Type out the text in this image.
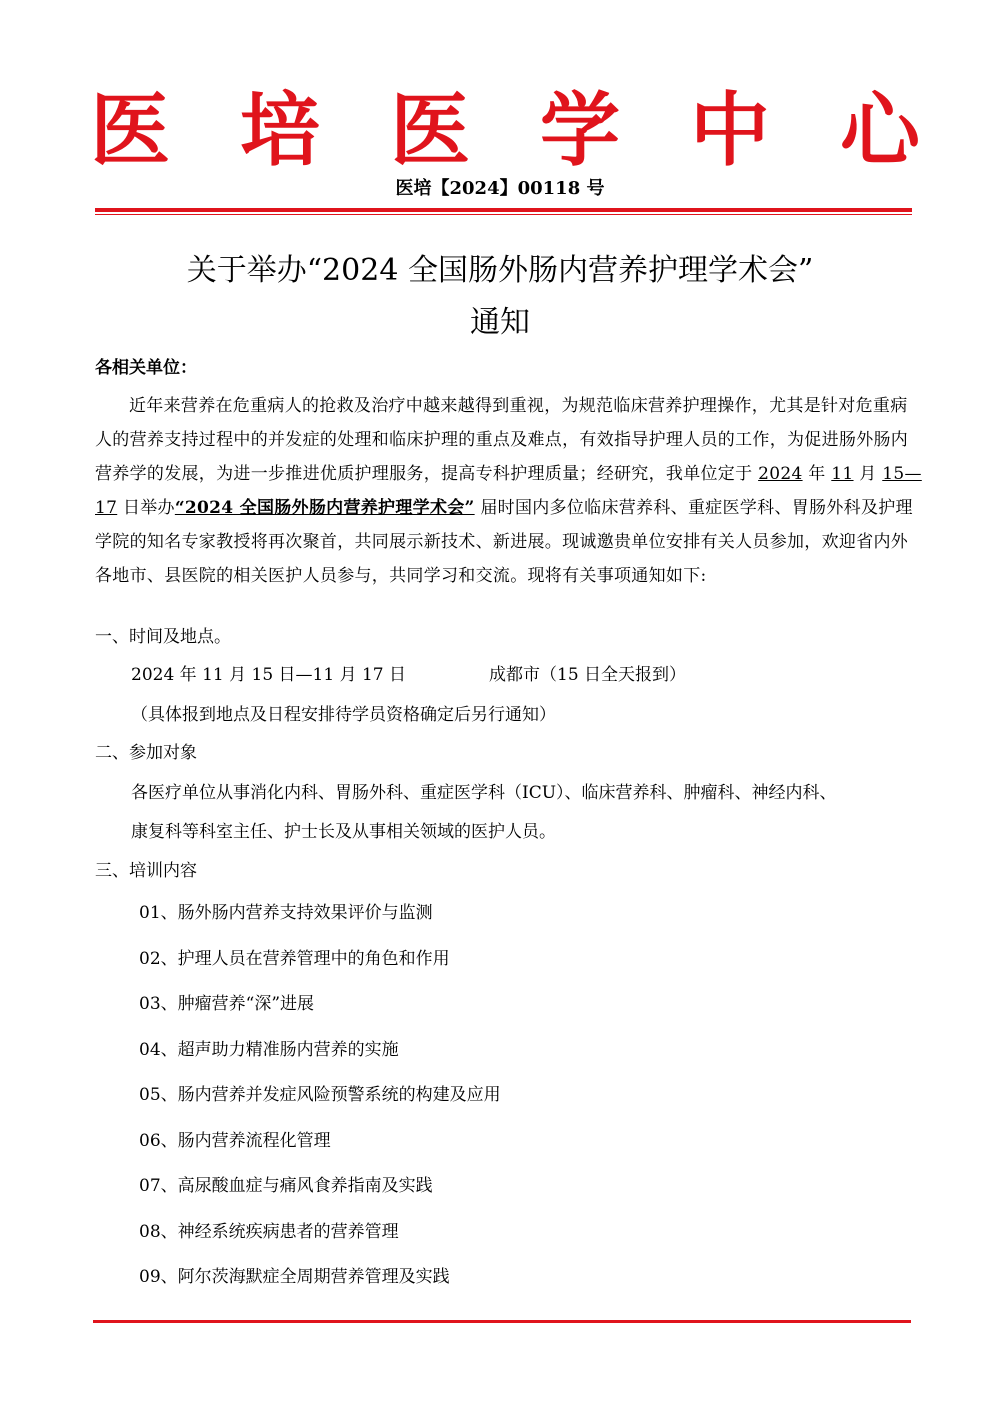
医 培 医 学 中 心
医培【2024】00118 号
关于举办“2024 全国肠外肠内营养护理学术会”
通知
各相关单位：

近年来营养在危重病人的抢救及治疗中越来越得到重视，为规范临床营养护理操作，尤其是针对危重病人的营养支持过程中的并发症的处理和临床护理的重点及难点，有效指导护理人员的工作，为促进肠外肠内营养学的发展，为进一步推进优质护理服务，提高专科护理质量；经研究，我单位定于 2024 年 11 月 15—17 日举办“2024 全国肠外肠内营养护理学术会” 届时国内多位临床营养科、重症医学科、胃肠外科及护理学院的知名专家教授将再次聚首，共同展示新技术、新进展。现诚邀贵单位安排有关人员参加，欢迎省内外各地市、县医院的相关医护人员参与，共同学习和交流。现将有关事项通知如下:

一、时间及地点。
2024 年 11 月 15 日—11 月 17 日	成都市（15 日全天报到）
（具体报到地点及日程安排待学员资格确定后另行通知）
二、参加对象
各医疗单位从事消化内科、胃肠外科、重症医学科（ICU）、临床营养科、肿瘤科、神经内科、
康复科等科室主任、护士长及从事相关领域的医护人员。
三、培训内容
01、肠外肠内营养支持效果评价与监测
02、护理人员在营养管理中的角色和作用
03、肿瘤营养“深”进展
04、超声助力精准肠内营养的实施
05、肠内营养并发症风险预警系统的构建及应用
06、肠内营养流程化管理
07、高尿酸血症与痛风食养指南及实践
08、神经系统疾病患者的营养管理
09、阿尔茨海默症全周期营养管理及实践
